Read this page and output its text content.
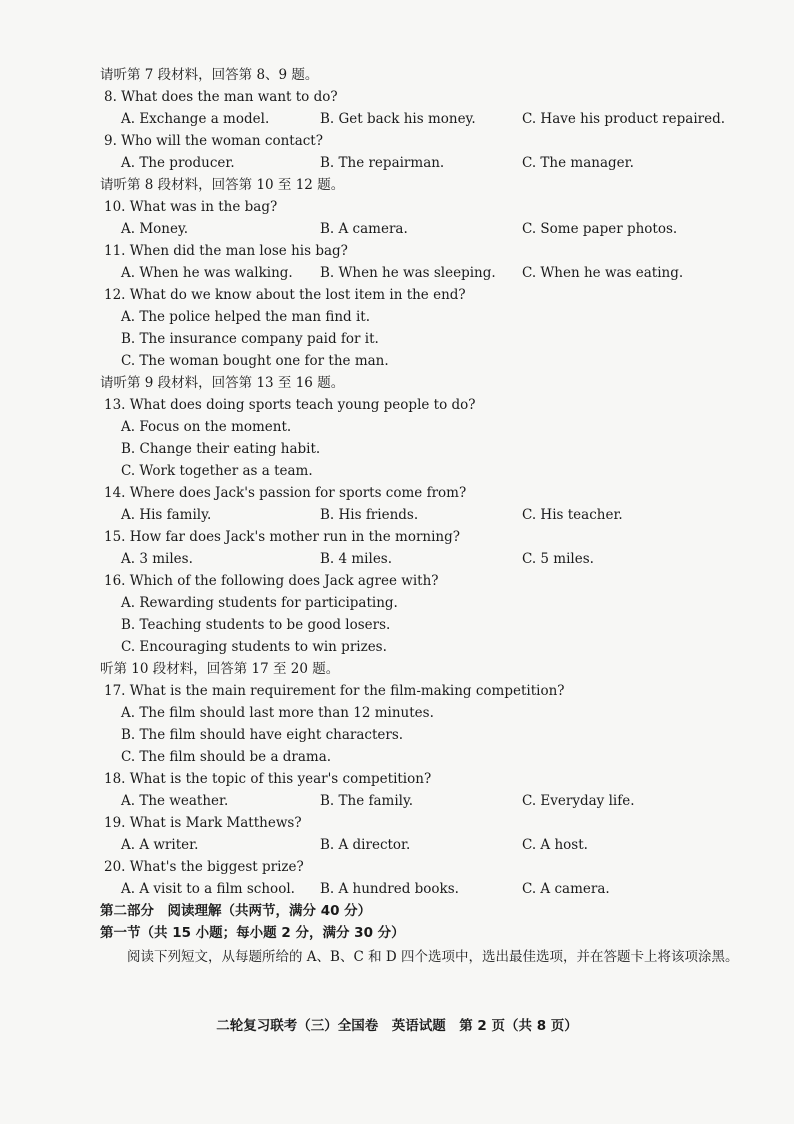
请听第 7 段材料，回答第 8、9 题。
8. What does the man want to do?
A. Exchange a model.	B. Get back his money.	C. Have his product repaired.
9. Who will the woman contact?
A. The producer.	B. The repairman.	C. The manager.
请听第 8 段材料，回答第 10 至 12 题。
10. What was in the bag?
A. Money.	B. A camera.	C. Some paper photos.
11. When did the man lose his bag?
A. When he was walking. B. When he was sleeping. C. When he was eating.
12. What do we know about the lost item in the end?
A. The police helped the man find it.
B. The insurance company paid for it.
C. The woman bought one for the man.
请听第 9 段材料，回答第 13 至 16 题。
13. What does doing sports teach young people to do?
A. Focus on the moment.
B. Change their eating habit.
C. Work together as a team.
14. Where does Jack's passion for sports come from?
A. His family.	B. His friends.	C. His teacher.
15. How far does Jack's mother run in the morning?
A. 3 miles.	B. 4 miles.	C. 5 miles.
16. Which of the following does Jack agree with?
A. Rewarding students for participating.
B. Teaching students to be good losers.
C. Encouraging students to win prizes.
听第 10 段材料，回答第 17 至 20 题。
17. What is the main requirement for the film-making competition?
A. The film should last more than 12 minutes.
B. The film should have eight characters.
C. The film should be a drama.
18. What is the topic of this year's competition?
A. The weather.	B. The family.	C. Everyday life.
19. What is Mark Matthews?
A. A writer.	B. A director.	C. A host.
20. What's the biggest prize?
A. A visit to a film school. B. A hundred books.	C. A camera.
第二部分　阅读理解（共两节，满分 40 分）
第一节（共 15 小题；每小题 2 分，满分 30 分）
阅读下列短文，从每题所给的 A、B、C 和 D 四个选项中，选出最佳选项，并在答题卡上将该项涂黑。
二轮复习联考（三）全国卷　英语试题　第 2 页（共 8 页）
